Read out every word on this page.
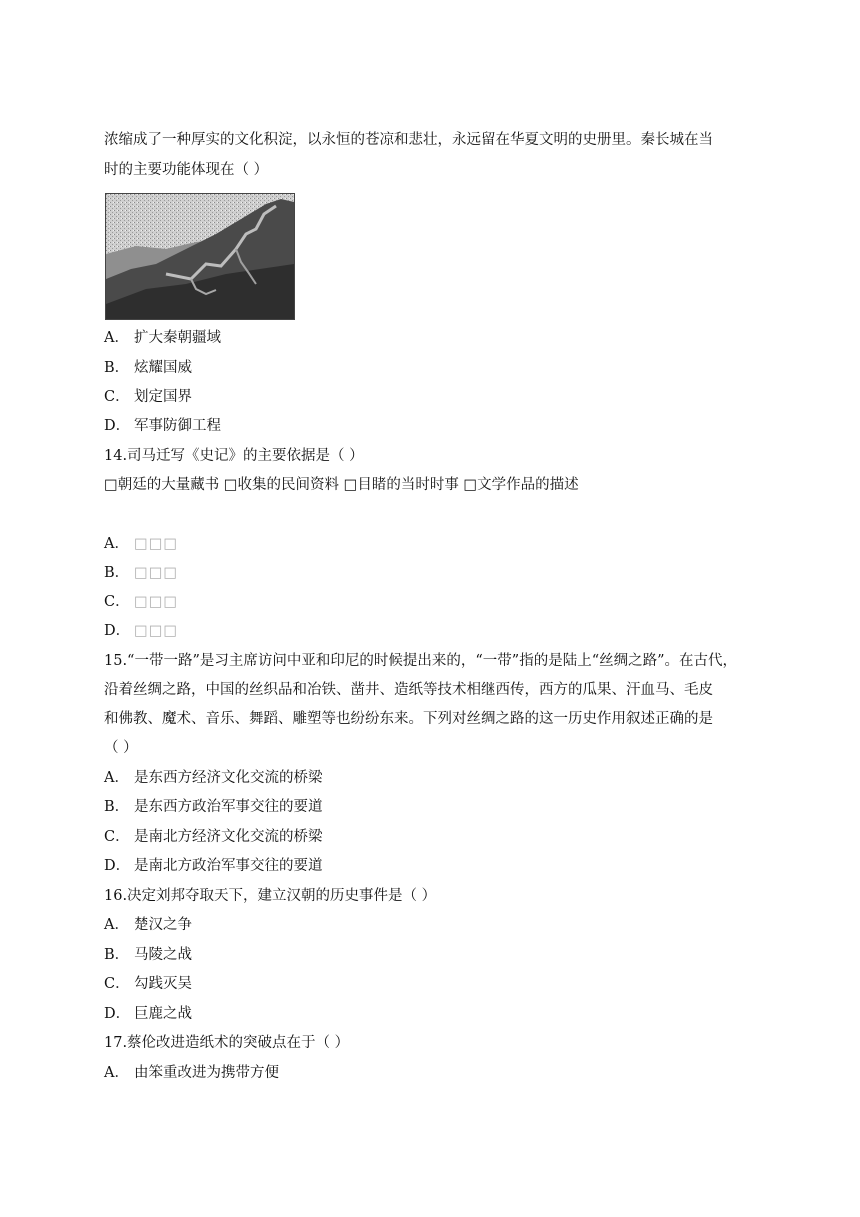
浓缩成了一种厚实的文化积淀，以永恒的苍凉和悲壮，永远留在华夏文明的史册里。秦长城在当
时的主要功能体现在（ ）
A． 扩大秦朝疆域
B． 炫耀国威
C． 划定国界
D． 军事防御工程
14.司马迁写《史记》的主要依据是（ ）
□朝廷的大量藏书 □收集的民间资料 □目睹的当时时事 □文学作品的描述
A． □□□
B． □□□
C． □□□
D． □□□
15.“一带一路”是习主席访问中亚和印尼的时候提出来的，“一带”指的是陆上“丝绸之路”。在古代，
沿着丝绸之路，中国的丝织品和冶铁、凿井、造纸等技术相继西传，西方的瓜果、汗血马、毛皮
和佛教、魔术、音乐、舞蹈、雕塑等也纷纷东来。下列对丝绸之路的这一历史作用叙述正确的是
（ ）
A． 是东西方经济文化交流的桥梁
B． 是东西方政治军事交往的要道
C． 是南北方经济文化交流的桥梁
D． 是南北方政治军事交往的要道
16.决定刘邦夺取天下，建立汉朝的历史事件是（ ）
A． 楚汉之争
B． 马陵之战
C． 勾践灭吴
D． 巨鹿之战
17.蔡伦改进造纸术的突破点在于（ ）
A． 由笨重改进为携带方便
